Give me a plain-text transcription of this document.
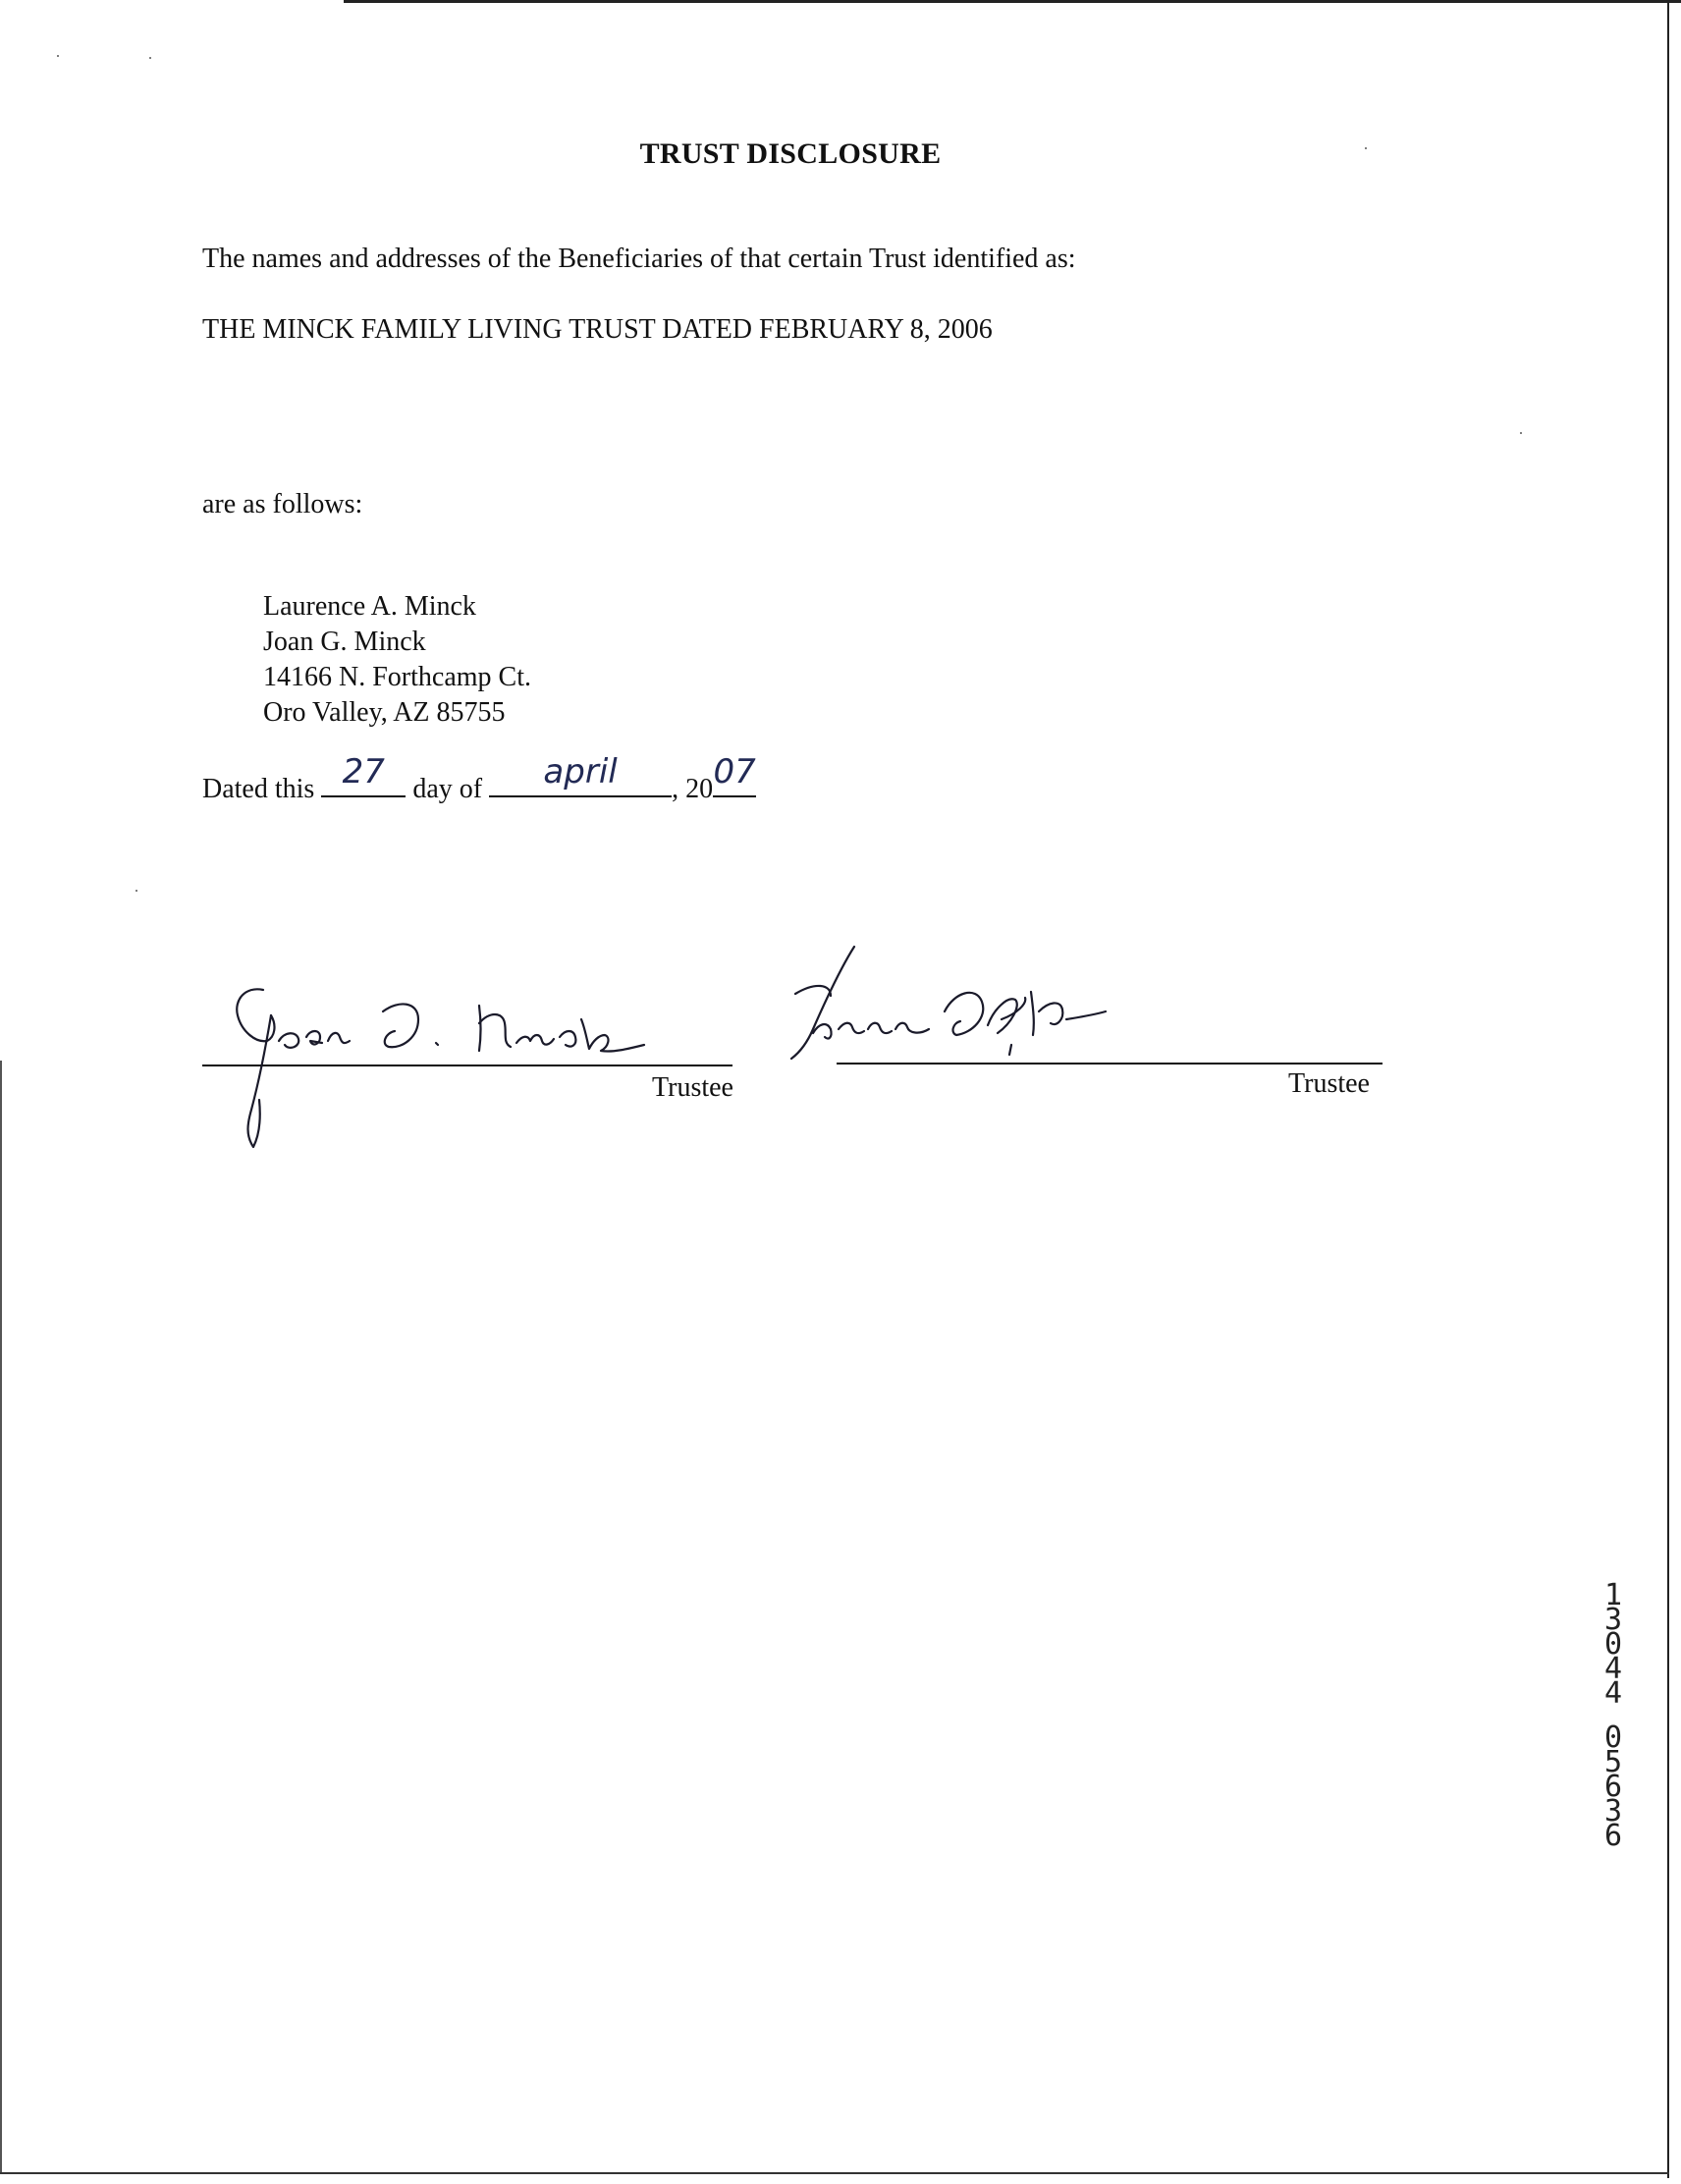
TRUST DISCLOSURE
The names and addresses of the Beneficiaries of that certain Trust identified as:
THE MINCK FAMILY LIVING TRUST DATED FEBRUARY 8, 2006
are as follows:
Laurence A. Minck
Joan G. Minck
14166 N. Forthcamp Ct.
Oro Valley, AZ 85755
Dated this 27	day of	april	, 20 07
Trustee	Trustee
1
3
0
4
4
0
5
6
3
6
